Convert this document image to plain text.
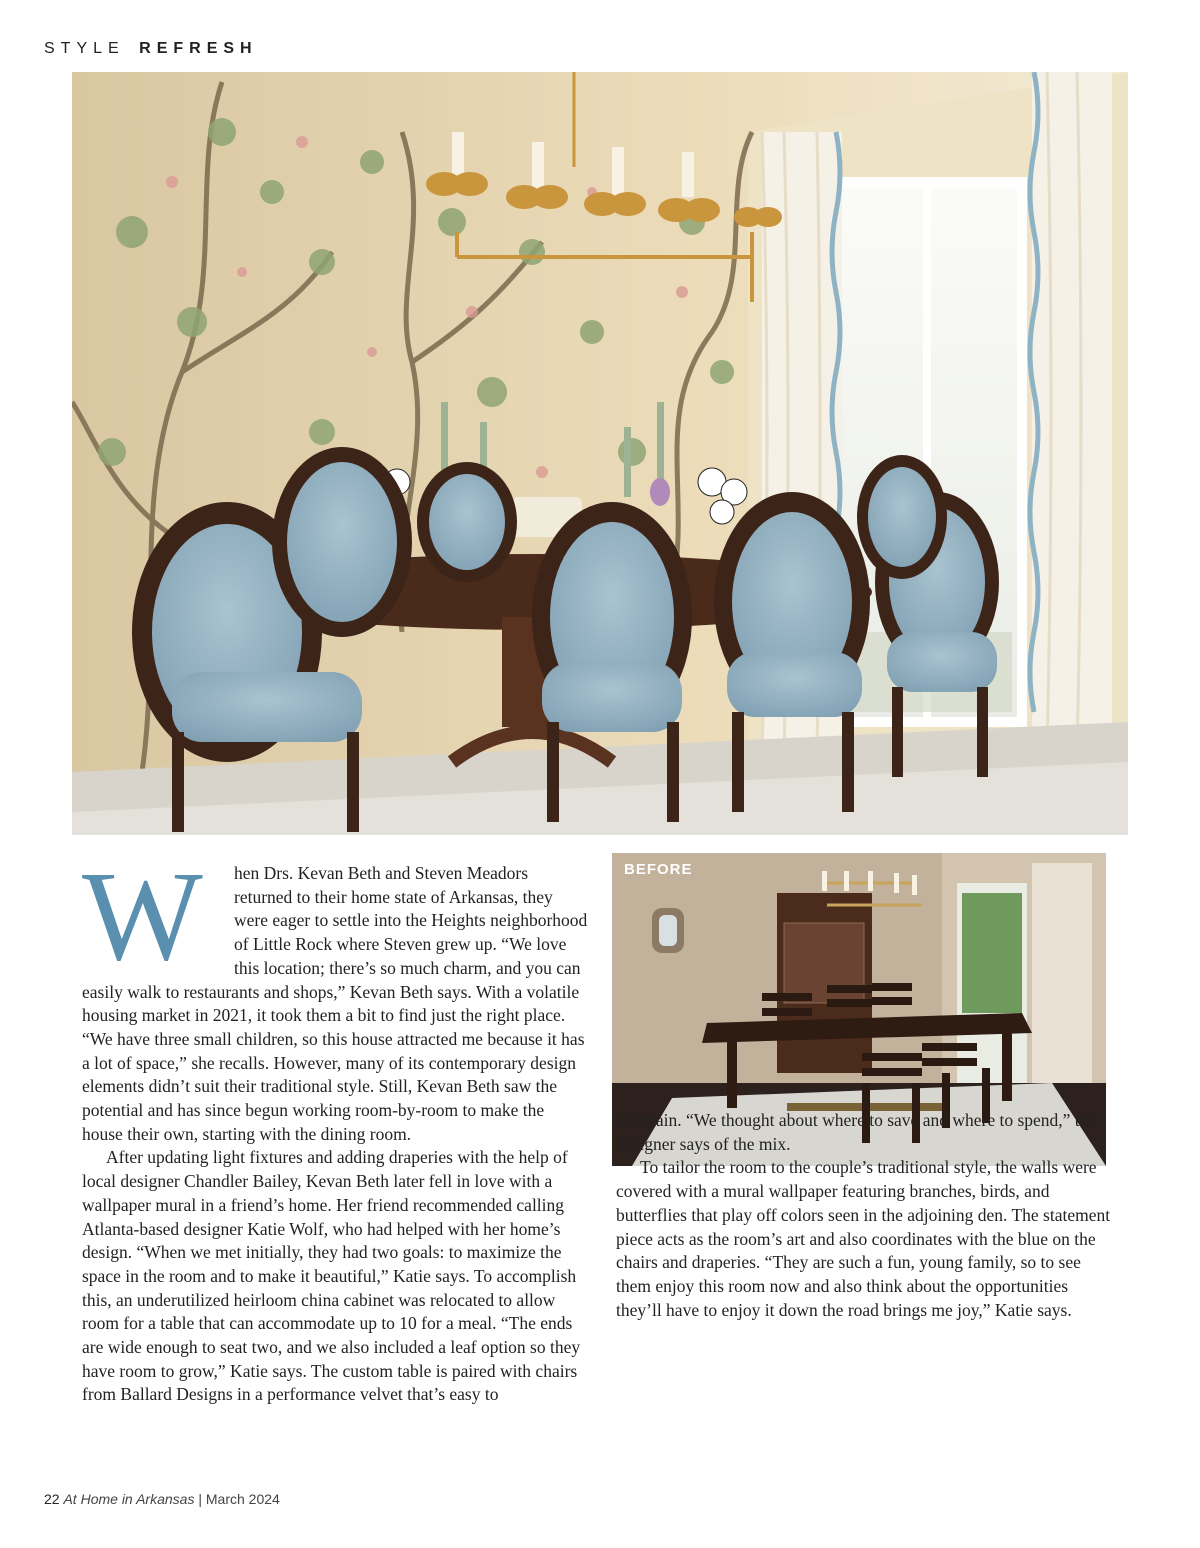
STYLE REFRESH
BEFORE

W	hen Drs. Kevan Beth and Steven Meadors returned to their home state of Arkansas, they were eager to settle into the Heights neighborhood of Little Rock where Steven grew up. “We love this location; there’s so much charm, and you can easily walk to restaurants and shops,” Kevan Beth says. With a volatile housing market in 2021, it took them a bit to find just the right place. “We have three small children, so this house attracted me because it has a lot of space,” she recalls. However, many of its contemporary design elements didn’t suit their traditional style. Still, Kevan Beth saw the potential and has since begun working room-by-room to make the house their own, starting with the dining room.

After updating light fixtures and adding draperies with the help of local designer Chandler Bailey, Kevan Beth later fell in love with a wallpaper mural in a friend’s home. Her friend recommended calling Atlanta-based designer Katie Wolf, who had helped with her home’s design. “When we met initially, they had two goals: to maximize the space in the room and to make it beautiful,” Katie says. To accomplish this, an underutilized heirloom china cabinet was relocated to allow room for a table that can accommodate up to 10 for a meal. “The ends are wide enough to seat two, and we also included a leaf option so they have room to grow,” Katie says. The custom table is paired with chairs from Ballard Designs in a performance velvet that’s easy to

maintain. “We thought about where to save and where to spend,” the designer says of the mix.

To tailor the room to the couple’s traditional style, the walls were covered with a mural wallpaper featuring branches, birds, and butterflies that play off colors seen in the adjoining den. The statement piece acts as the room’s art and also coordinates with the blue on the chairs and draperies. “They are such a fun, young family, so to see them enjoy this room now and also think about the opportunities they’ll have to enjoy it down the road brings me joy,” Katie says.

22 At Home in Arkansas | March 2024
